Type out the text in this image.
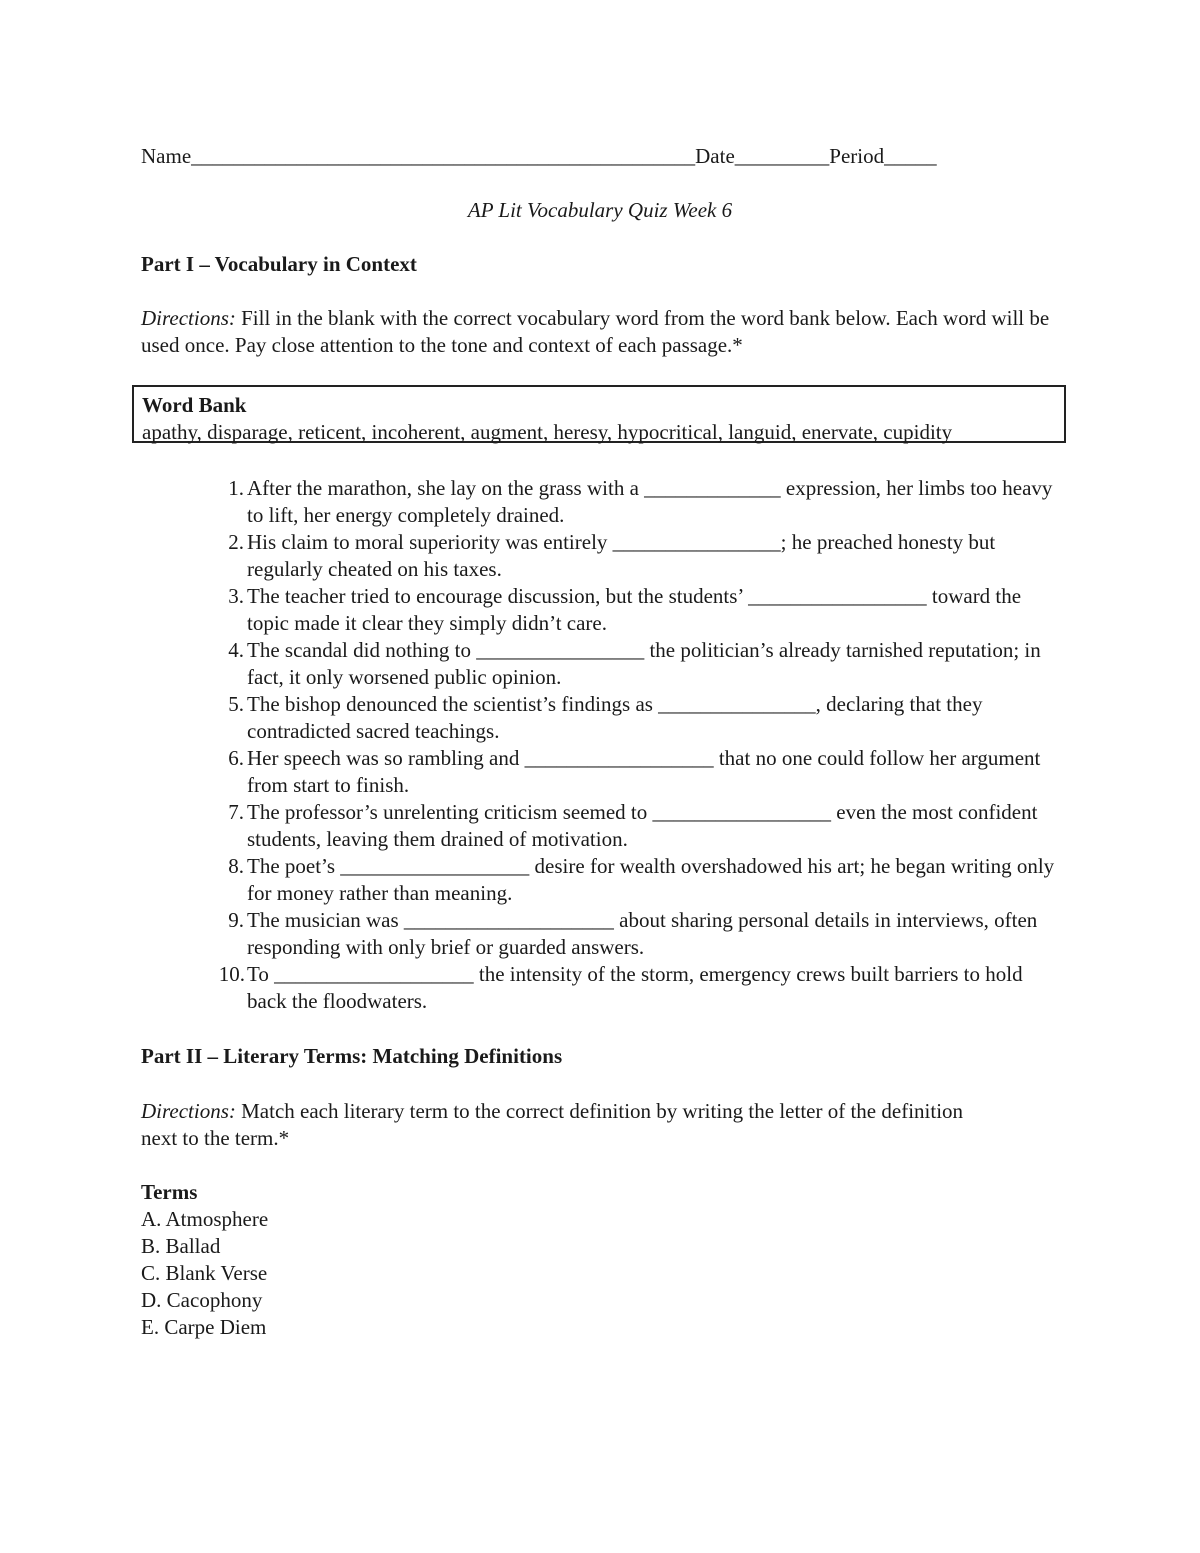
Name________________________________________________Date_________Period_____
AP Lit Vocabulary Quiz Week 6
Part I – Vocabulary in Context
Directions: Fill in the blank with the correct vocabulary word from the word bank below. Each word will be used once. Pay close attention to the tone and context of each passage.*
Word Bank
apathy, disparage, reticent, incoherent, augment, heresy, hypocritical, languid, enervate, cupidity
1. After the marathon, she lay on the grass with a _____________ expression, her limbs too heavy to lift, her energy completely drained.
2. His claim to moral superiority was entirely ________________; he preached honesty but regularly cheated on his taxes.
3. The teacher tried to encourage discussion, but the students’ _________________ toward the topic made it clear they simply didn’t care.
4. The scandal did nothing to ________________ the politician’s already tarnished reputation; in fact, it only worsened public opinion.
5. The bishop denounced the scientist’s findings as _______________, declaring that they contradicted sacred teachings.
6. Her speech was so rambling and __________________ that no one could follow her argument from start to finish.
7. The professor’s unrelenting criticism seemed to _________________ even the most confident students, leaving them drained of motivation.
8. The poet’s __________________ desire for wealth overshadowed his art; he began writing only for money rather than meaning.
9. The musician was ____________________ about sharing personal details in interviews, often responding with only brief or guarded answers.
10. To ___________________ the intensity of the storm, emergency crews built barriers to hold back the floodwaters.
Part II – Literary Terms: Matching Definitions
Directions: Match each literary term to the correct definition by writing the letter of the definition next to the term.*
Terms
A. Atmosphere
B. Ballad
C. Blank Verse
D. Cacophony
E. Carpe Diem
